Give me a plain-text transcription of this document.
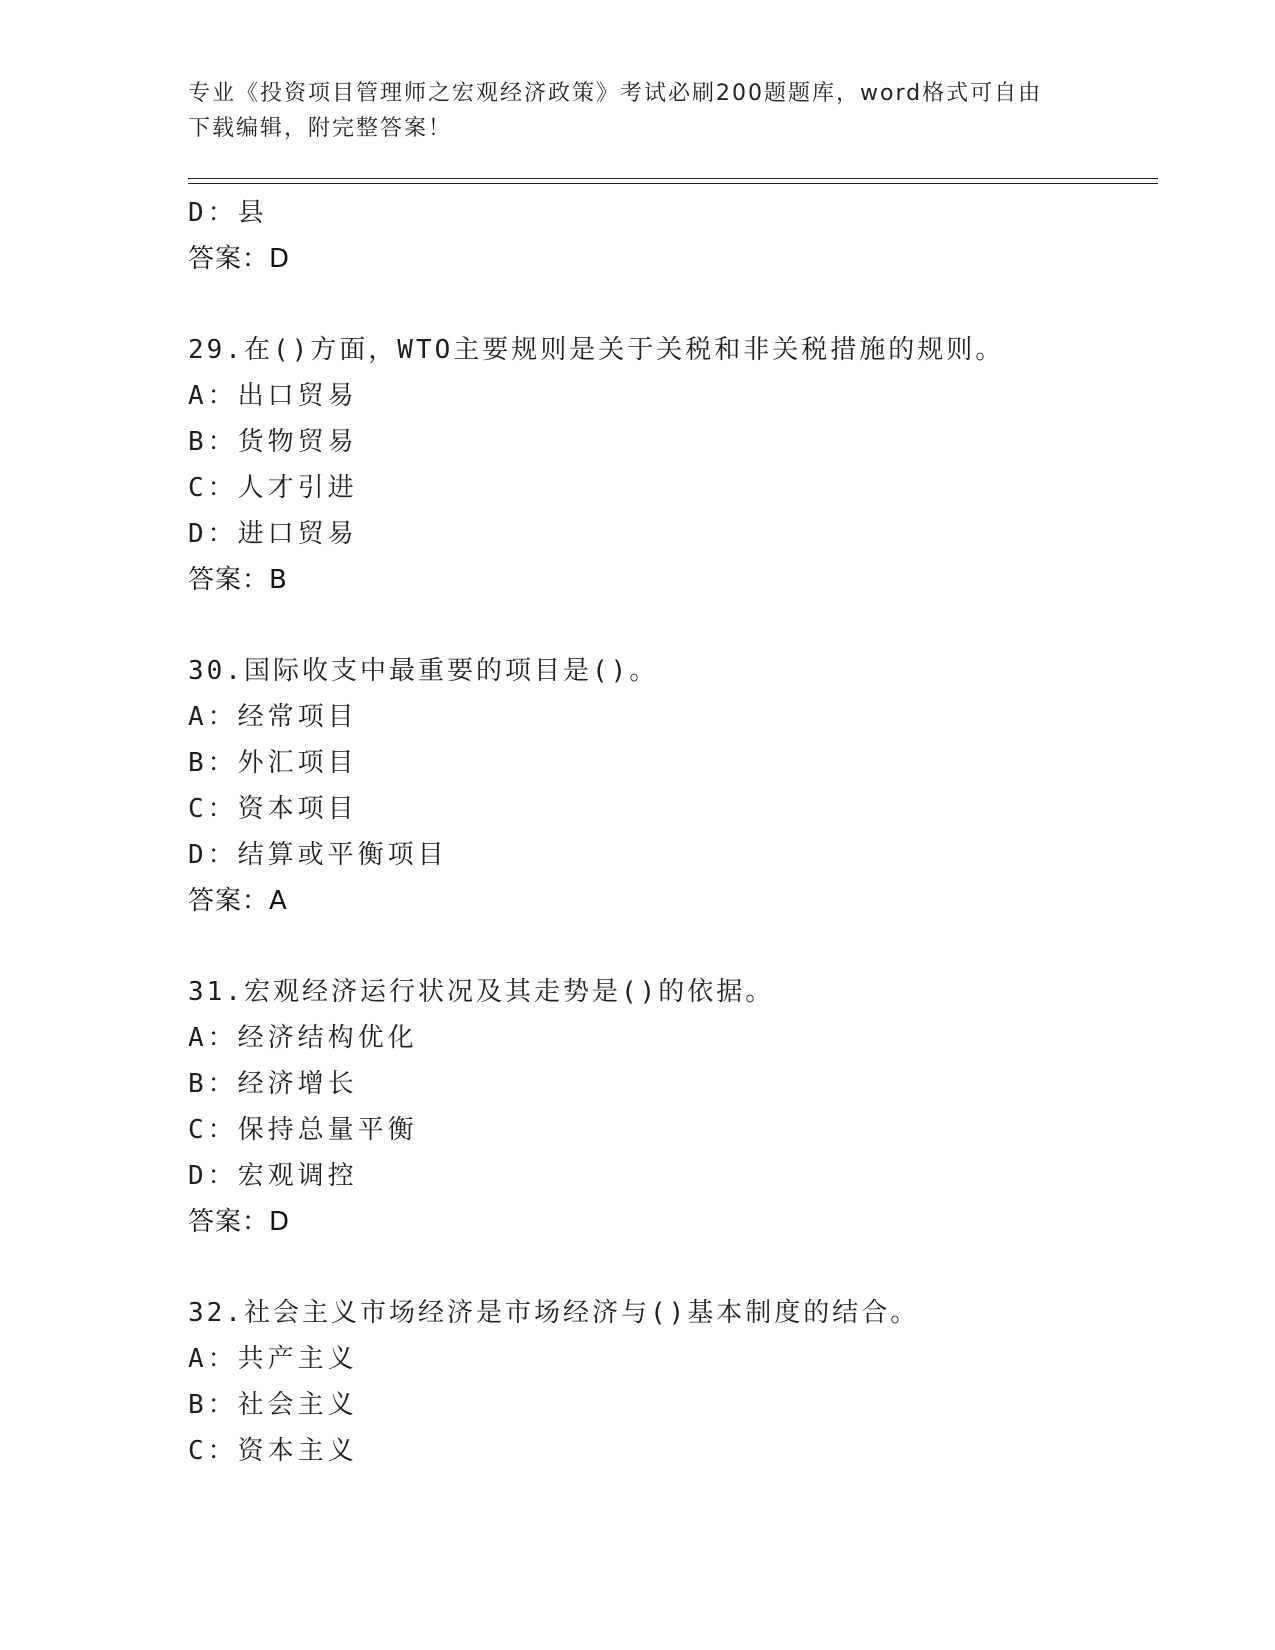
专业《投资项目管理师之宏观经济政策》考试必刷200题题库，word格式可自由
下载编辑，附完整答案！
D：县
答案：D
29.在()方面，WTO主要规则是关于关税和非关税措施的规则。
A：出口贸易
B：货物贸易
C：人才引进
D：进口贸易
答案：B
30.国际收支中最重要的项目是()。
A：经常项目
B：外汇项目
C：资本项目
D：结算或平衡项目
答案：A
31.宏观经济运行状况及其走势是()的依据。
A：经济结构优化
B：经济增长
C：保持总量平衡
D：宏观调控
答案：D
32.社会主义市场经济是市场经济与()基本制度的结合。
A：共产主义
B：社会主义
C：资本主义
